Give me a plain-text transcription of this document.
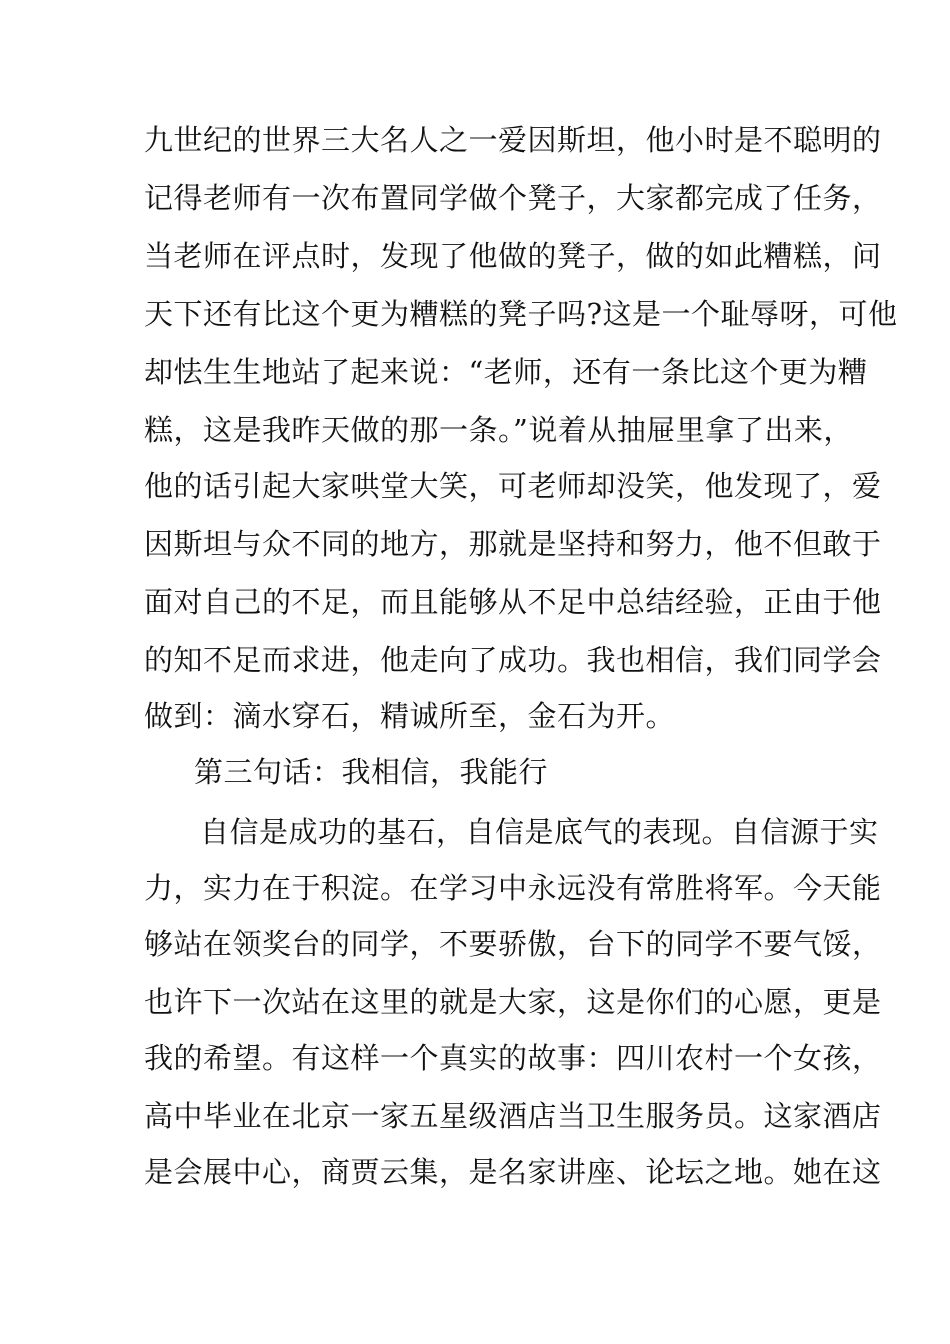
九世纪的世界三大名人之一爱因斯坦，他小时是不聪明的
记得老师有一次布置同学做个凳子，大家都完成了任务，
当老师在评点时，发现了他做的凳子，做的如此糟糕，问
天下还有比这个更为糟糕的凳子吗?这是一个耻辱呀，可他
却怯生生地站了起来说：“老师，还有一条比这个更为糟
糕，这是我昨天做的那一条。”说着从抽屉里拿了出来，
他的话引起大家哄堂大笑，可老师却没笑，他发现了，爱
因斯坦与众不同的地方，那就是坚持和努力，他不但敢于
面对自己的不足，而且能够从不足中总结经验，正由于他
的知不足而求进，他走向了成功。我也相信，我们同学会
做到：滴水穿石，精诚所至，金石为开。
第三句话：我相信，我能行
自信是成功的基石，自信是底气的表现。自信源于实
力，实力在于积淀。在学习中永远没有常胜将军。今天能
够站在领奖台的同学，不要骄傲，台下的同学不要气馁，
也许下一次站在这里的就是大家，这是你们的心愿，更是
我的希望。有这样一个真实的故事：四川农村一个女孩，
高中毕业在北京一家五星级酒店当卫生服务员。这家酒店
是会展中心，商贾云集，是名家讲座、论坛之地。她在这
